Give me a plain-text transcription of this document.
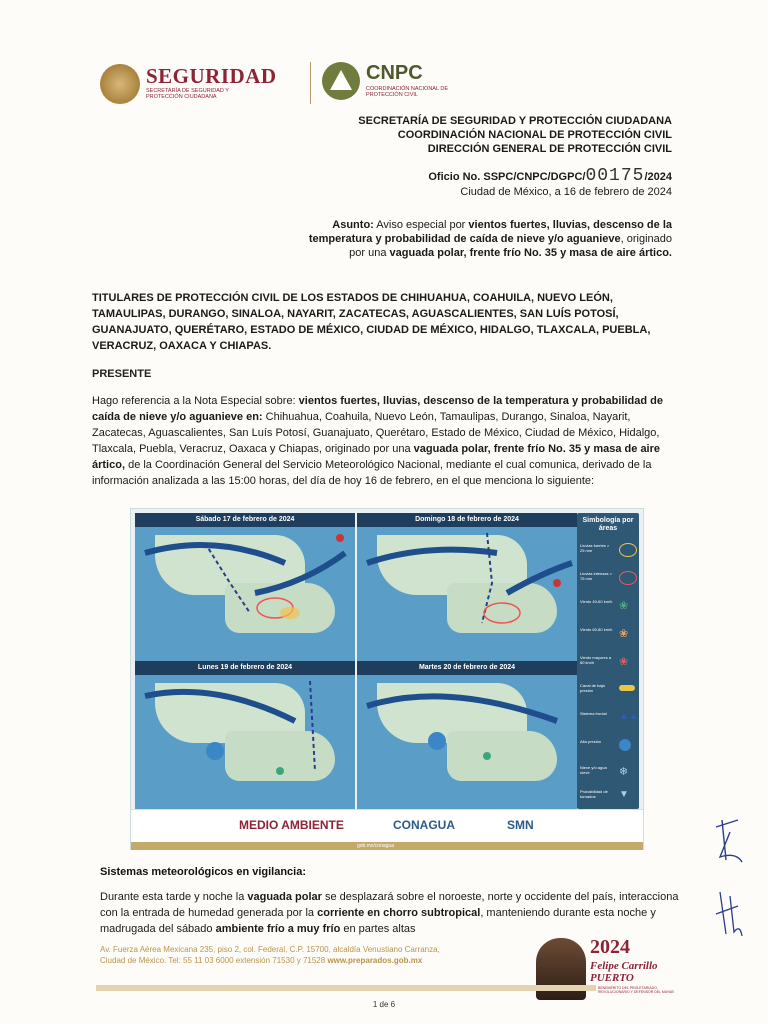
SEGURIDAD
SECRETARÍA DE SEGURIDAD Y PROTECCIÓN CIUDADANA
CNPC
COORDINACIÓN NACIONAL DE PROTECCIÓN CIVIL
SECRETARÍA DE SEGURIDAD Y PROTECCIÓN CIUDADANA
COORDINACIÓN NACIONAL DE PROTECCIÓN CIVIL
DIRECCIÓN GENERAL DE PROTECCIÓN CIVIL
Oficio No. SSPC/CNPC/DGPC/00175/2024
Ciudad de México, a 16 de febrero de 2024
Asunto: Aviso especial por vientos fuertes, lluvias, descenso de la temperatura y probabilidad de caída de nieve y/o aguanieve, originado por una vaguada polar, frente frío No. 35 y masa de aire ártico.
TITULARES DE PROTECCIÓN CIVIL DE LOS ESTADOS DE CHIHUAHUA, COAHUILA, NUEVO LEÓN, TAMAULIPAS, DURANGO, SINALOA, NAYARIT, ZACATECAS, AGUASCALIENTES, SAN LUÍS POTOSÍ, GUANAJUATO, QUERÉTARO, ESTADO DE MÉXICO, CIUDAD DE MÉXICO, HIDALGO, TLAXCALA, PUEBLA, VERACRUZ, OAXACA Y CHIAPAS.
PRESENTE
Hago referencia a la Nota Especial sobre: vientos fuertes, lluvias, descenso de la temperatura y probabilidad de caída de nieve y/o aguanieve en: Chihuahua, Coahuila, Nuevo León, Tamaulipas, Durango, Sinaloa, Nayarit, Zacatecas, Aguascalientes, San Luís Potosí, Guanajuato, Querétaro, Estado de México, Ciudad de México, Hidalgo, Tlaxcala, Puebla, Veracruz, Oaxaca y Chiapas, originado por una vaguada polar, frente frío No. 35 y masa de aire ártico, de la Coordinación General del Servicio Meteorológico Nacional, mediante el cual comunica, derivado de la información analizada a las 15:00 horas, del día de hoy 16 de febrero, en el que menciona lo siguiente:
Sábado 17 de febrero de 2024	Domingo 18 de febrero de 2024
Lunes 19 de febrero de 2024	Martes 20 de febrero de 2024
Simbología por áreas
Lluvias fuertes > 25 mm
Lluvias intensas > 75 mm
Viento 40-60 km/h ❀
Viento 60-80 km/h ❀
Viento mayores a 80 km/h	❀
Canal de baja presión
Sistema frontal	▲▲
Alta presión
Nieve y/o agua nieve	❄
Probabilidad de tornados	▼
MEDIO AMBIENTE	CONAGUA	SMN
gob.mx/conagua
Sistemas meteorológicos en vigilancia:
Durante esta tarde y noche la vaguada polar se desplazará sobre el noroeste, norte y occidente del país, interacciona con la entrada de humedad generada por la corriente en chorro subtropical, manteniendo durante esta noche y madrugada del sábado ambiente frío a muy frío en partes altas
Av. Fuerza Aérea Mexicana 235, piso 2, col. Federal, C.P. 15700, alcaldía Venustiano Carranza, Ciudad de México. Tel: 55 11 03 6000 extensión 71530 y 71528 www.preparados.gob.mx
2024
Felipe Carrillo
PUERTO
BENEMÉRITO DEL PROLETARIADO, REVOLUCIONARIO Y DEFENSOR DEL MAYAB
1 de 6
